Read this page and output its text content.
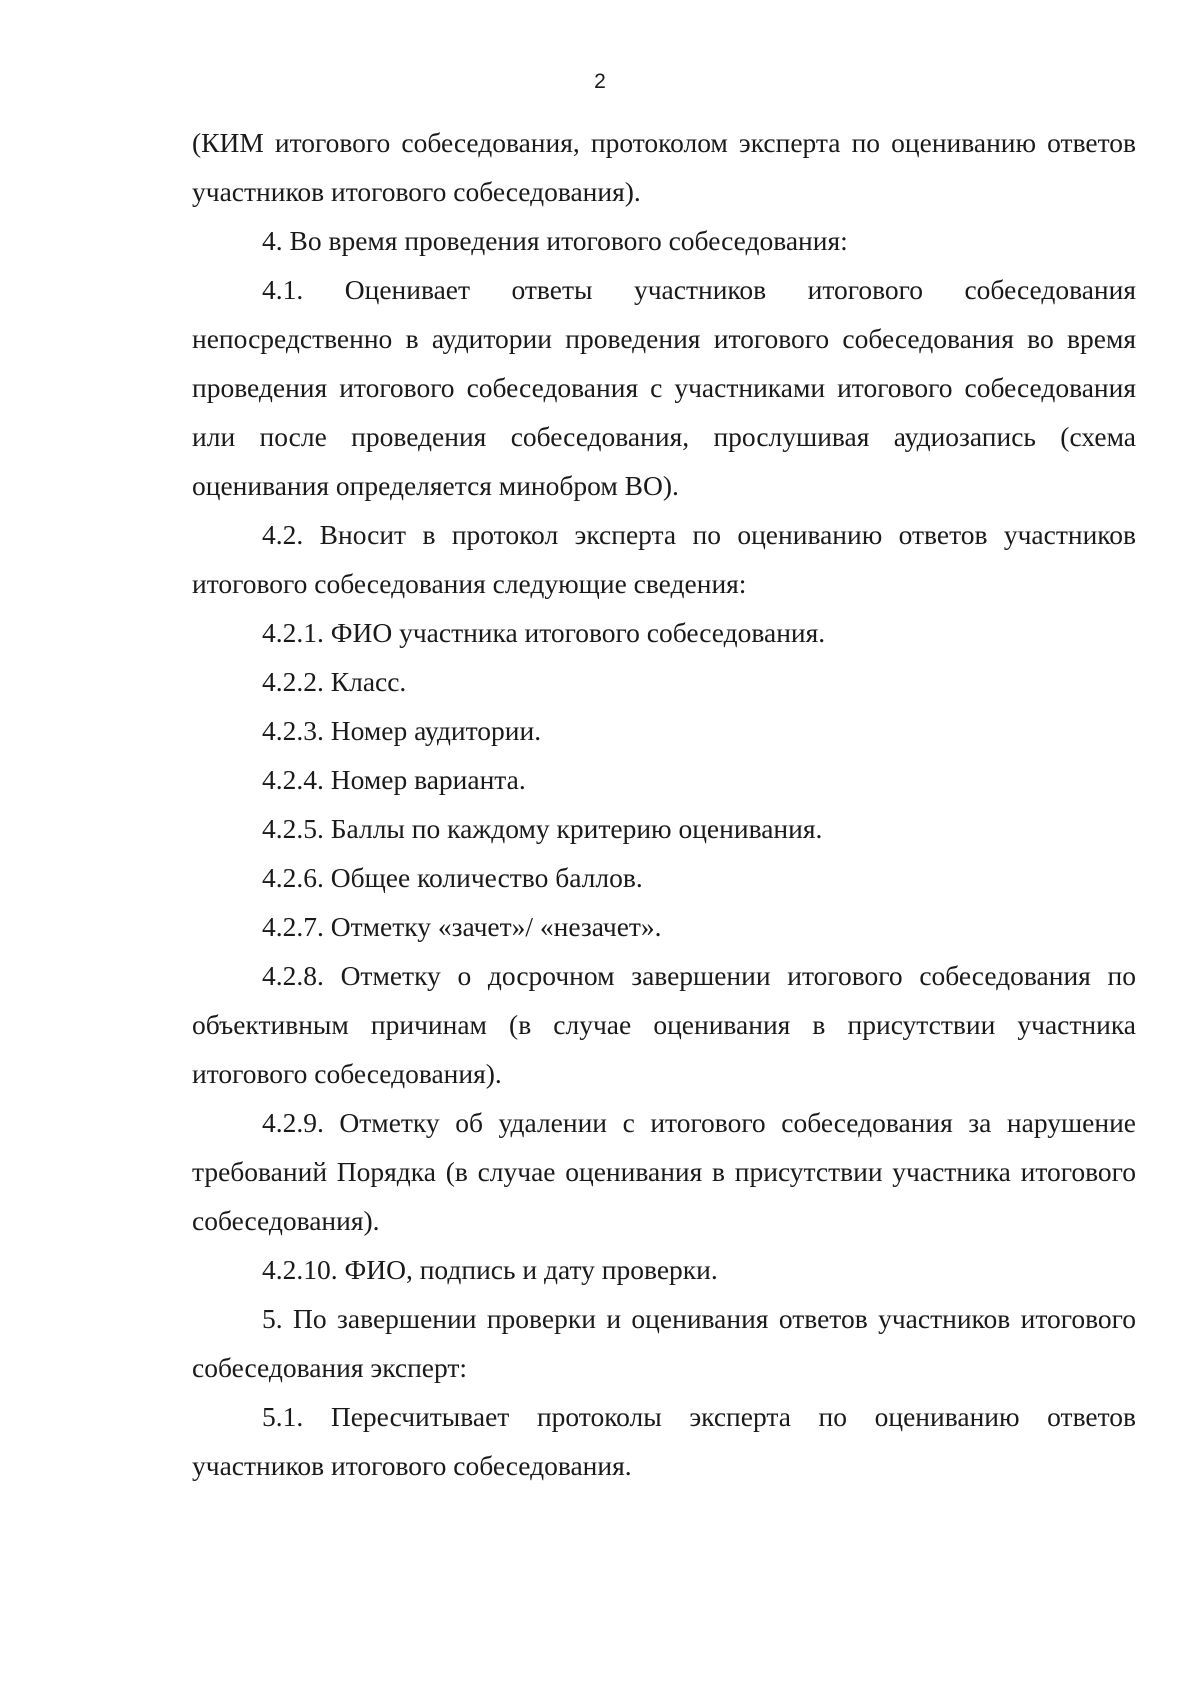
2

(КИМ итогового собеседования, протоколом эксперта по оцениванию ответов участников итогового собеседования).

4. Во время проведения итогового собеседования:

4.1. Оценивает ответы участников итогового собеседования непосредственно в аудитории проведения итогового собеседования во время проведения итогового собеседования с участниками итогового собеседования или после проведения собеседования, прослушивая аудиозапись (схема оценивания определяется минобром ВО).

4.2. Вносит в протокол эксперта по оцениванию ответов участников итогового собеседования следующие сведения:

4.2.1. ФИО участника итогового собеседования.

4.2.2. Класс.

4.2.3. Номер аудитории.

4.2.4. Номер варианта.

4.2.5. Баллы по каждому критерию оценивания.

4.2.6. Общее количество баллов.

4.2.7. Отметку «зачет»/ «незачет».

4.2.8. Отметку о досрочном завершении итогового собеседования по объективным причинам (в случае оценивания в присутствии участника итогового собеседования).

4.2.9. Отметку об удалении с итогового собеседования за нарушение требований Порядка (в случае оценивания в присутствии участника итогового собеседования).

4.2.10. ФИО, подпись и дату проверки.

5. По завершении проверки и оценивания ответов участников итогового собеседования эксперт:

5.1. Пересчитывает протоколы эксперта по оцениванию ответов участников итогового собеседования.
